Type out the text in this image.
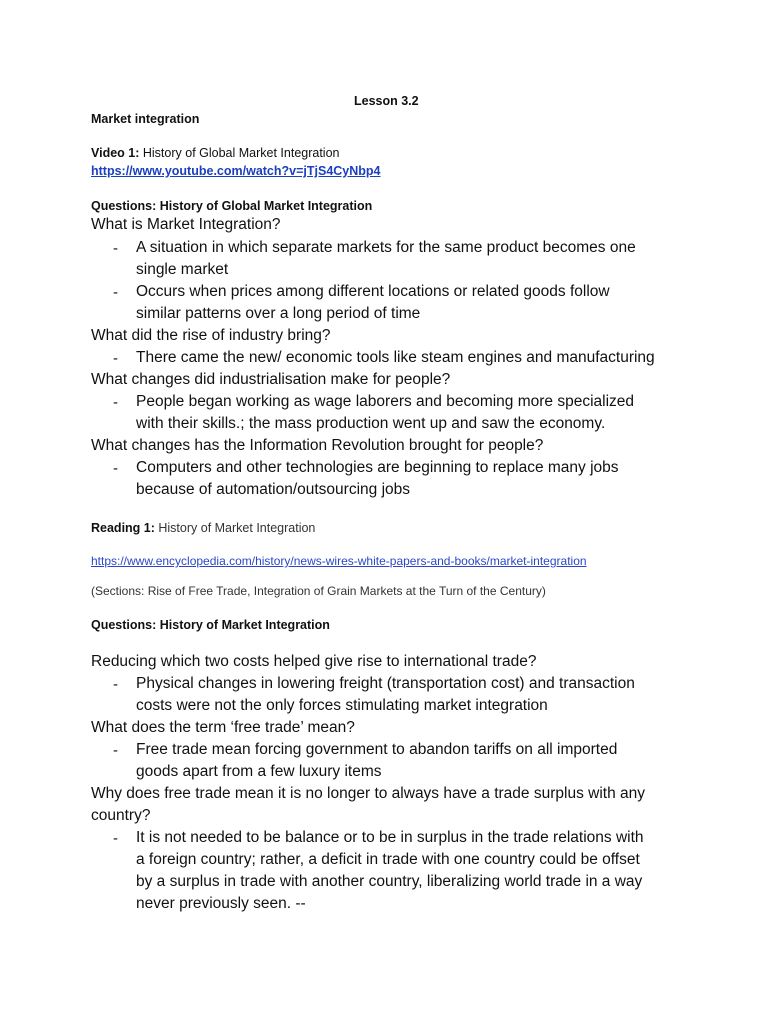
Lesson 3.2
Market integration
Video 1: History of Global Market Integration
https://www.youtube.com/watch?v=jTjS4CyNbp4
Questions: History of Global Market Integration
What is Market Integration?
- A situation in which separate markets for the same product becomes one
single market
- Occurs when prices among different locations or related goods follow
similar patterns over a long period of time
What did the rise of industry bring?
- There came the new/ economic tools like steam engines and manufacturing
What changes did industrialisation make for people?
- People began working as wage laborers and becoming more specialized
with their skills.; the mass production went up and saw the economy.
What changes has the Information Revolution brought for people?
- Computers and other technologies are beginning to replace many jobs
because of automation/outsourcing jobs
Reading 1: History of Market Integration
https://www.encyclopedia.com/history/news-wires-white-papers-and-books/market-integration
(Sections: Rise of Free Trade, Integration of Grain Markets at the Turn of the Century)
Questions: History of Market Integration
Reducing which two costs helped give rise to international trade?
- Physical changes in lowering freight (transportation cost) and transaction
costs were not the only forces stimulating market integration
What does the term ‘free trade’ mean?
- Free trade mean forcing government to abandon tariffs on all imported
goods apart from a few luxury items
Why does free trade mean it is no longer to always have a trade surplus with any
country?
- It is not needed to be balance or to be in surplus in the trade relations with
a foreign country; rather, a deficit in trade with one country could be offset
by a surplus in trade with another country, liberalizing world trade in a way
never previously seen. --
